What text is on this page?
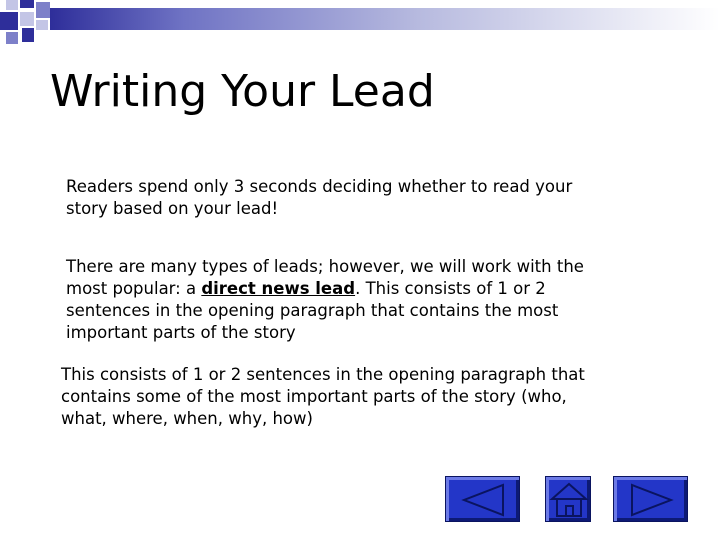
Writing Your Lead
Readers spend only 3 seconds deciding whether to read your
story based on your lead!
There are many types of leads; however, we will work with the
most popular: a direct news lead. This consists of 1 or 2
sentences in the opening paragraph that contains the most
important parts of the story
This consists of 1 or 2 sentences in the opening paragraph that
contains some of the most important parts of the story (who,
what, where, when, why, how)
